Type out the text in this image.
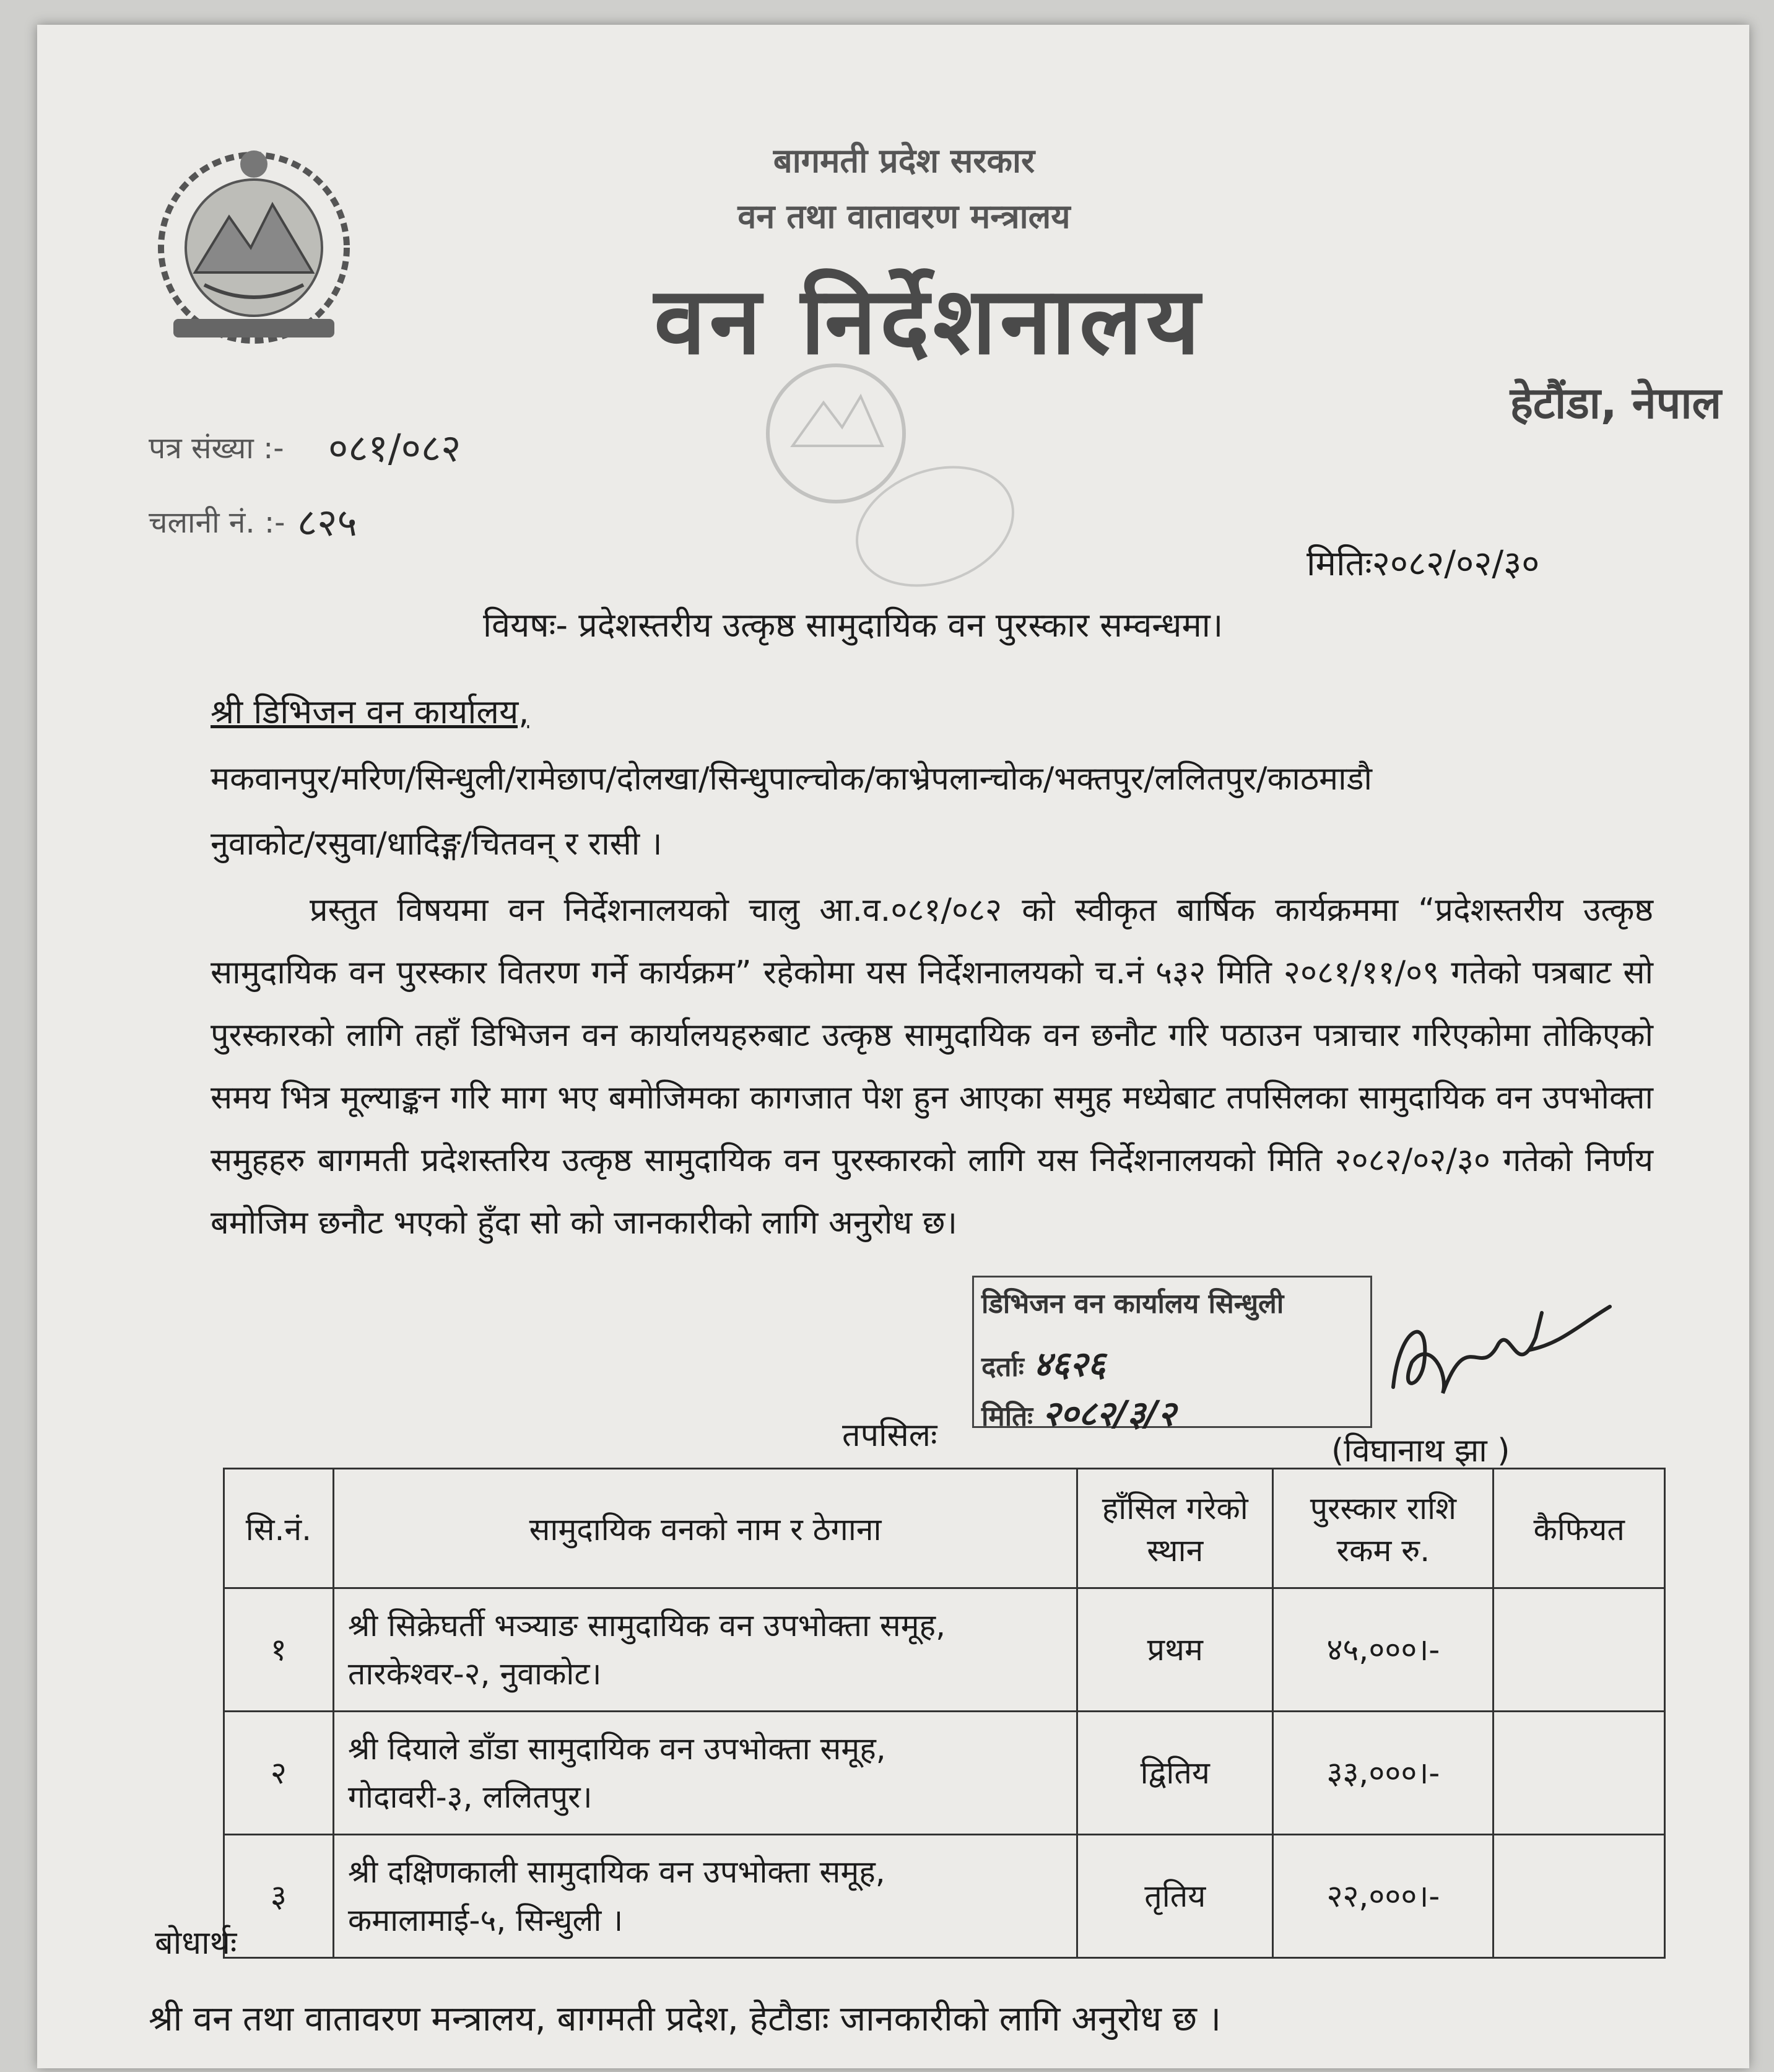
बागमती प्रदेश सरकार
वन तथा वातावरण मन्त्रालय
वन निर्देशनालय
हेटौंडा, नेपाल
पत्र संख्या :- ०८१/०८२
चलानी नं. :- ८२५
मितिः२०८२/०२/३०
वियषः- प्रदेशस्तरीय उत्कृष्ठ सामुदायिक वन पुरस्कार सम्वन्धमा।
श्री डिभिजन वन कार्यालय,
मकवानपुर/मरिण/सिन्धुली/रामेछाप/दोलखा/सिन्धुपाल्चोक/काभ्रेपलान्चोक/भक्तपुर/ललितपुर/काठमाडौ
नुवाकोट/रसुवा/धादिङ्ग/चितवन् र रासी ।
प्रस्तुत विषयमा वन निर्देशनालयको चालु आ.व.०८१/०८२ को स्वीकृत बार्षिक कार्यक्रममा “प्रदेशस्तरीय उत्कृष्ठ सामुदायिक वन पुरस्कार वितरण गर्ने कार्यक्रम” रहेकोमा यस निर्देशनालयको च.नं ५३२ मिति २०८१/११/०९ गतेको पत्रबाट सो पुरस्कारको लागि तहाँ डिभिजन वन कार्यालयहरुबाट उत्कृष्ठ सामुदायिक वन छनौट गरि पठाउन पत्राचार गरिएकोमा तोकिएको समय भित्र मूल्याङ्कन गरि माग भए बमोजिमका कागजात पेश हुन आएका समुह मध्येबाट तपसिलका सामुदायिक वन उपभोक्ता समुहहरु बागमती प्रदेशस्तरिय उत्कृष्ठ सामुदायिक वन पुरस्कारको लागि यस निर्देशनालयको मिति २०८२/०२/३० गतेको निर्णय बमोजिम छनौट भएको हुँदा सो को जानकारीको लागि अनुरोध छ।
डिभिजन वन कार्यालय सिन्धुली
दर्ताः ४६२६
मितिः २०८२/३/२
(विघानाथ झा )
तपसिलः
सि.नं.	सामुदायिक वनको नाम र ठेगाना	हाँसिल गरेको स्थान	पुरस्कार राशि रकम रु.	कैफियत
१	श्री सिक्रेघर्ती भञ्याङ सामुदायिक वन उपभोक्ता समूह,
तारकेश्वर-२, नुवाकोट।	प्रथम	४५,०००।-	
२	श्री दियाले डाँडा सामुदायिक वन उपभोक्ता समूह,
गोदावरी-३, ललितपुर।	द्वितिय	३३,०००।-	
३	श्री दक्षिणकाली सामुदायिक वन उपभोक्ता समूह,
कमालामाई-५, सिन्धुली ।	तृतिय	२२,०००।-	
बोधार्थः
श्री वन तथा वातावरण मन्त्रालय, बागमती प्रदेश, हेटौडाः जानकारीको लागि अनुरोध छ ।
